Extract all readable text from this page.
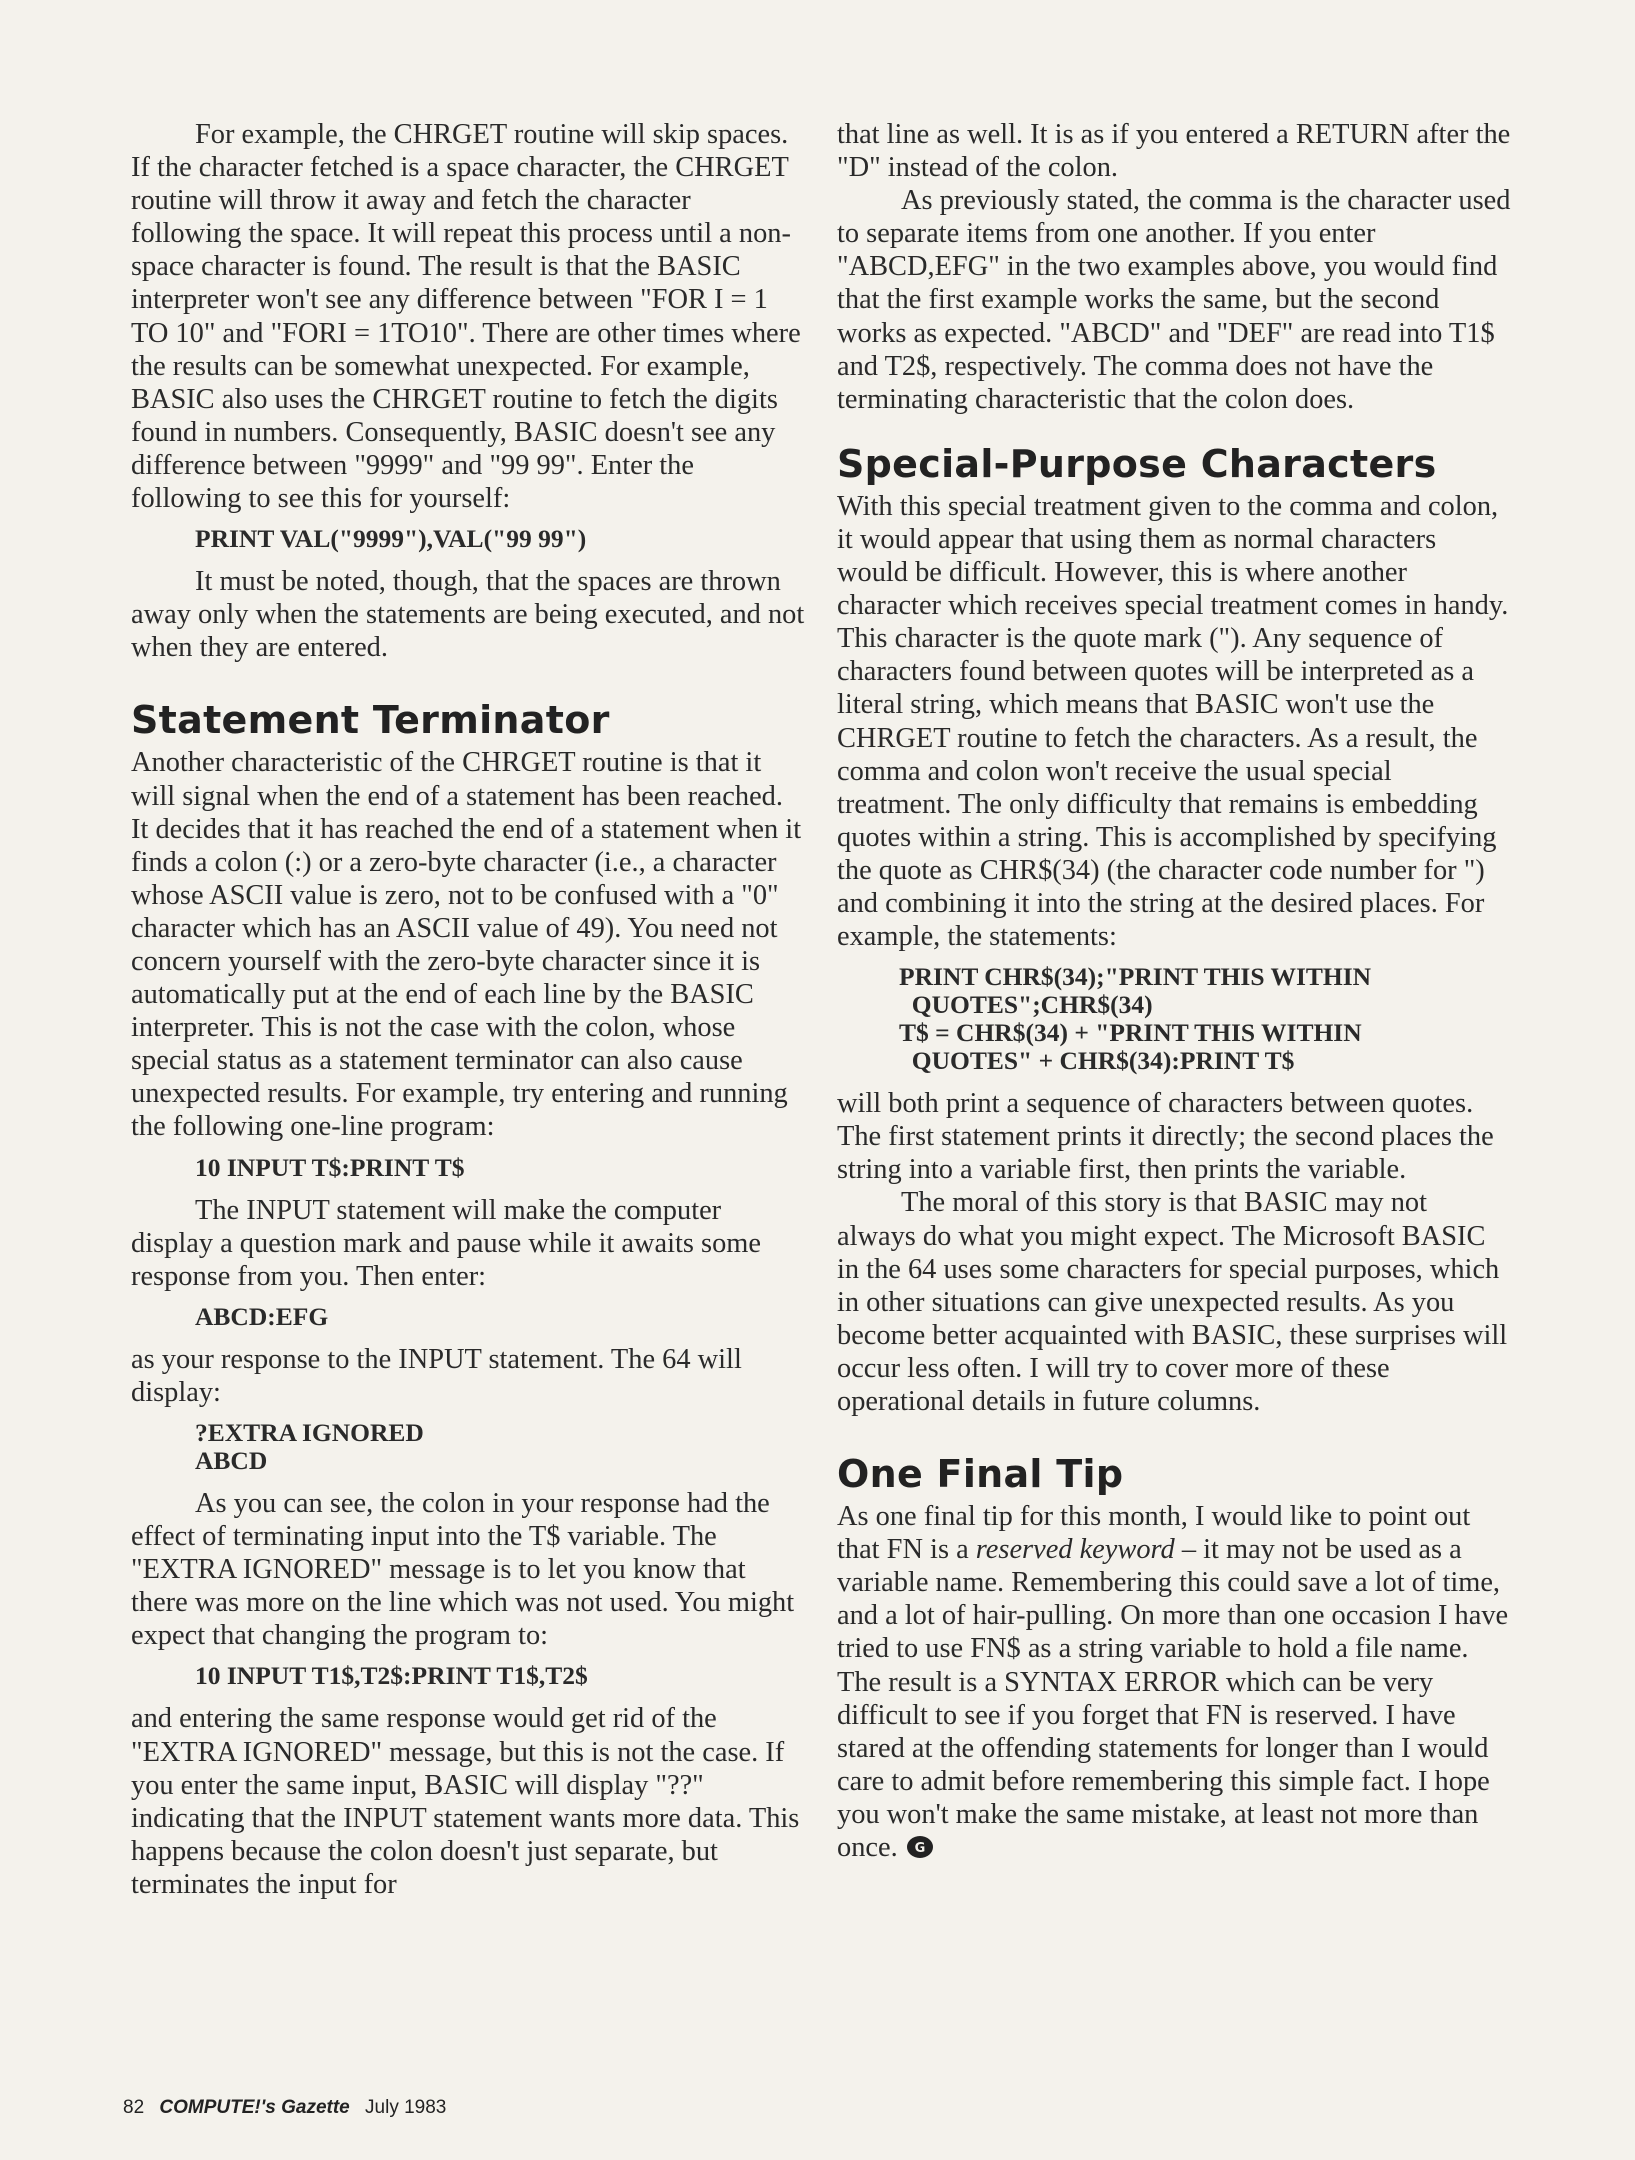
For example, the CHRGET routine will skip spaces. If the character fetched is a space character, the CHRGET routine will throw it away and fetch the character following the space. It will repeat this process until a non-space character is found. The result is that the BASIC interpreter won't see any difference between "FOR I = 1 TO 10" and "FORI = 1TO10". There are other times where the results can be somewhat unexpected. For example, BASIC also uses the CHRGET routine to fetch the digits found in numbers. Consequently, BASIC doesn't see any difference between "9999" and "99 99". Enter the following to see this for yourself:

PRINT VAL("9999"),VAL("99 99")

It must be noted, though, that the spaces are thrown away only when the statements are being executed, and not when they are entered.

Statement Terminator

Another characteristic of the CHRGET routine is that it will signal when the end of a statement has been reached. It decides that it has reached the end of a statement when it finds a colon (:) or a zero-byte character (i.e., a character whose ASCII value is zero, not to be confused with a "0" character which has an ASCII value of 49). You need not concern yourself with the zero-byte character since it is automatically put at the end of each line by the BASIC interpreter. This is not the case with the colon, whose special status as a statement terminator can also cause unexpected results. For example, try entering and running the following one-line program:

10 INPUT T$:PRINT T$

The INPUT statement will make the computer display a question mark and pause while it awaits some response from you. Then enter:

ABCD:EFG

as your response to the INPUT statement. The 64 will display:

?EXTRA IGNORED
ABCD

As you can see, the colon in your response had the effect of terminating input into the T$ variable. The "EXTRA IGNORED" message is to let you know that there was more on the line which was not used. You might expect that changing the program to:

10 INPUT T1$,T2$:PRINT T1$,T2$

and entering the same response would get rid of the "EXTRA IGNORED" message, but this is not the case. If you enter the same input, BASIC will display "??" indicating that the INPUT statement wants more data. This happens because the colon doesn't just separate, but terminates the input for

that line as well. It is as if you entered a RETURN after the "D" instead of the colon.

As previously stated, the comma is the character used to separate items from one another. If you enter "ABCD,EFG" in the two examples above, you would find that the first example works the same, but the second works as expected. "ABCD" and "DEF" are read into T1$ and T2$, respectively. The comma does not have the terminating characteristic that the colon does.

Special-Purpose Characters

With this special treatment given to the comma and colon, it would appear that using them as normal characters would be difficult. However, this is where another character which receives special treatment comes in handy. This character is the quote mark ("). Any sequence of characters found between quotes will be interpreted as a literal string, which means that BASIC won't use the CHRGET routine to fetch the characters. As a result, the comma and colon won't receive the usual special treatment. The only difficulty that remains is embedding quotes within a string. This is accomplished by specifying the quote as CHR$(34) (the character code number for ") and combining it into the string at the desired places. For example, the statements:

PRINT CHR$(34);"PRINT THIS WITHIN
QUOTES";CHR$(34)
T$ = CHR$(34) + "PRINT THIS WITHIN
QUOTES" + CHR$(34):PRINT T$

will both print a sequence of characters between quotes. The first statement prints it directly; the second places the string into a variable first, then prints the variable.

The moral of this story is that BASIC may not always do what you might expect. The Microsoft BASIC in the 64 uses some characters for special purposes, which in other situations can give unexpected results. As you become better acquainted with BASIC, these surprises will occur less often. I will try to cover more of these operational details in future columns.

One Final Tip

As one final tip for this month, I would like to point out that FN is a reserved keyword – it may not be used as a variable name. Remembering this could save a lot of time, and a lot of hair-pulling. On more than one occasion I have tried to use FN$ as a string variable to hold a file name. The result is a SYNTAX ERROR which can be very difficult to see if you forget that FN is reserved. I have stared at the offending statements for longer than I would care to admit before remembering this simple fact. I hope you won't make the same mistake, at least not more than once. G

82 COMPUTE!'s Gazette July 1983
